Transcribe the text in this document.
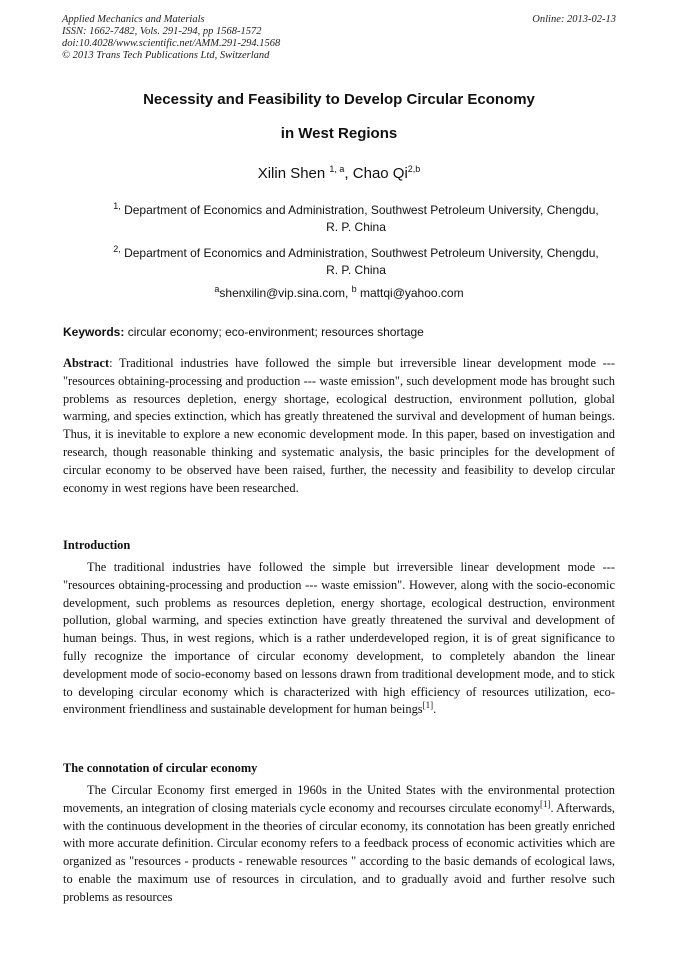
Applied Mechanics and Materials
ISSN: 1662-7482, Vols. 291-294, pp 1568-1572
doi:10.4028/www.scientific.net/AMM.291-294.1568
© 2013 Trans Tech Publications Ltd, Switzerland
Online: 2013-02-13
Necessity and Feasibility to Develop Circular Economy
in West Regions
Xilin Shen $^{1, a}$, Chao Qi$^{2,b}$
$^{1,}$ Department of Economics and Administration, Southwest Petroleum University, Chengdu,
R. P. China
$^{2,}$ Department of Economics and Administration, Southwest Petroleum University, Chengdu,
R. P. China
$^a$shenxilin@vip.sina.com, $^b$ mattqi@yahoo.com
Keywords: circular economy; eco-environment; resources shortage
Abstract: Traditional industries have followed the simple but irreversible linear development mode --- "resources obtaining-processing and production --- waste emission", such development mode has brought such problems as resources depletion, energy shortage, ecological destruction, environment pollution, global warming, and species extinction, which has greatly threatened the survival and development of human beings. Thus, it is inevitable to explore a new economic development mode. In this paper, based on investigation and research, though reasonable thinking and systematic analysis, the basic principles for the development of circular economy to be observed have been raised, further, the necessity and feasibility to develop circular economy in west regions have been researched.
Introduction
The traditional industries have followed the simple but irreversible linear development mode --- "resources obtaining-processing and production --- waste emission". However, along with the socio-economic development, such problems as resources depletion, energy shortage, ecological destruction, environment pollution, global warming, and species extinction have greatly threatened the survival and development of human beings. Thus, in west regions, which is a rather underdeveloped region, it is of great significance to fully recognize the importance of circular economy development, to completely abandon the linear development mode of socio-economy based on lessons drawn from traditional development mode, and to stick to developing circular economy which is characterized with high efficiency of resources utilization, eco-environment friendliness and sustainable development for human beings[1].
The connotation of circular economy
The Circular Economy first emerged in 1960s in the United States with the environmental protection movements, an integration of closing materials cycle economy and recourses circulate economy[1]. Afterwards, with the continuous development in the theories of circular economy, its connotation has been greatly enriched with more accurate definition. Circular economy refers to a feedback process of economic activities which are organized as "resources - products - renewable resources " according to the basic demands of ecological laws, to enable the maximum use of resources in circulation, and to gradually avoid and further resolve such problems as resources
